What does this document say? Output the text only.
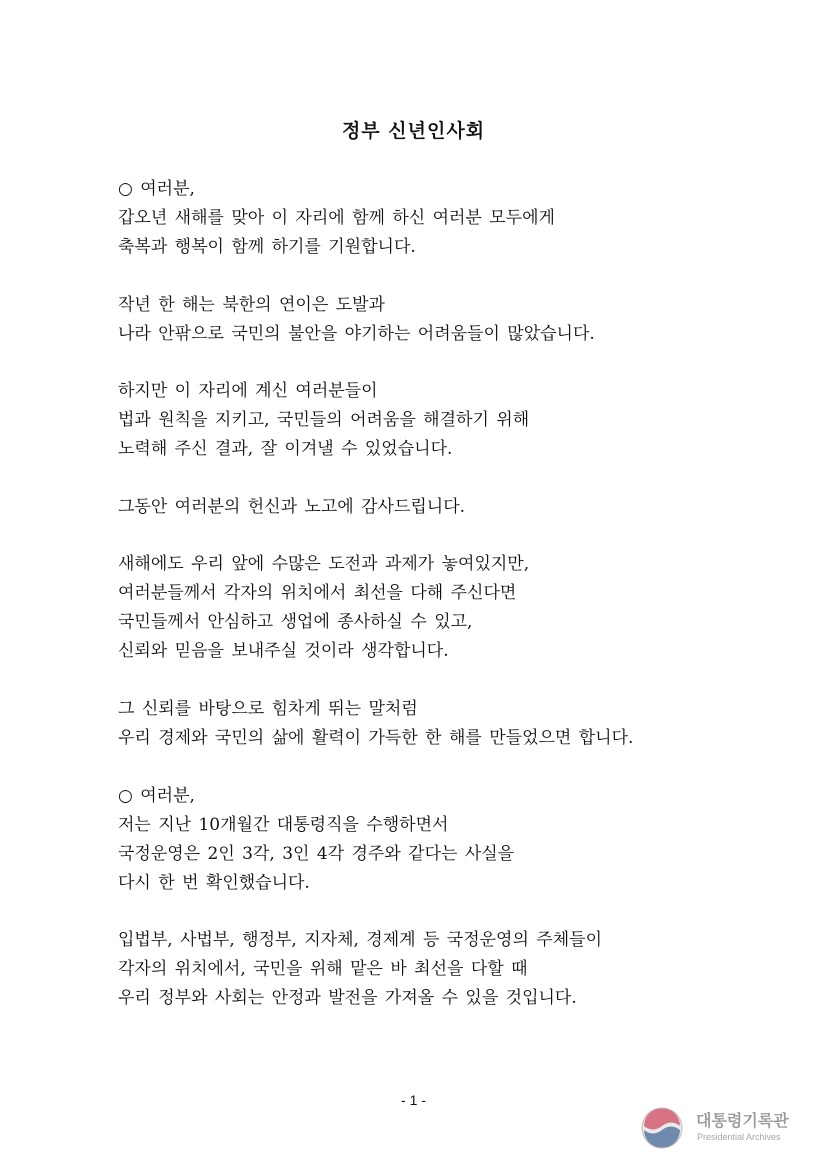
정부 신년인사회
○ 여러분,
갑오년 새해를 맞아 이 자리에 함께 하신 여러분 모두에게
축복과 행복이 함께 하기를 기원합니다.
작년 한 해는 북한의 연이은 도발과
나라 안팎으로 국민의 불안을 야기하는 어려움들이 많았습니다.
하지만 이 자리에 계신 여러분들이
법과 원칙을 지키고, 국민들의 어려움을 해결하기 위해
노력해 주신 결과, 잘 이겨낼 수 있었습니다.
그동안 여러분의 헌신과 노고에 감사드립니다.
새해에도 우리 앞에 수많은 도전과 과제가 놓여있지만,
여러분들께서 각자의 위치에서 최선을 다해 주신다면
국민들께서 안심하고 생업에 종사하실 수 있고,
신뢰와 믿음을 보내주실 것이라 생각합니다.
그 신뢰를 바탕으로 힘차게 뛰는 말처럼
우리 경제와 국민의 삶에 활력이 가득한 한 해를 만들었으면 합니다.
○ 여러분,
저는 지난 10개월간 대통령직을 수행하면서
국정운영은 2인 3각, 3인 4각 경주와 같다는 사실을
다시 한 번 확인했습니다.
입법부, 사법부, 행정부, 지자체, 경제계 등 국정운영의 주체들이
각자의 위치에서, 국민을 위해 맡은 바 최선을 다할 때
우리 정부와 사회는 안정과 발전을 가져올 수 있을 것입니다.
- 1 -
대통령기록관
Presidential Archives
